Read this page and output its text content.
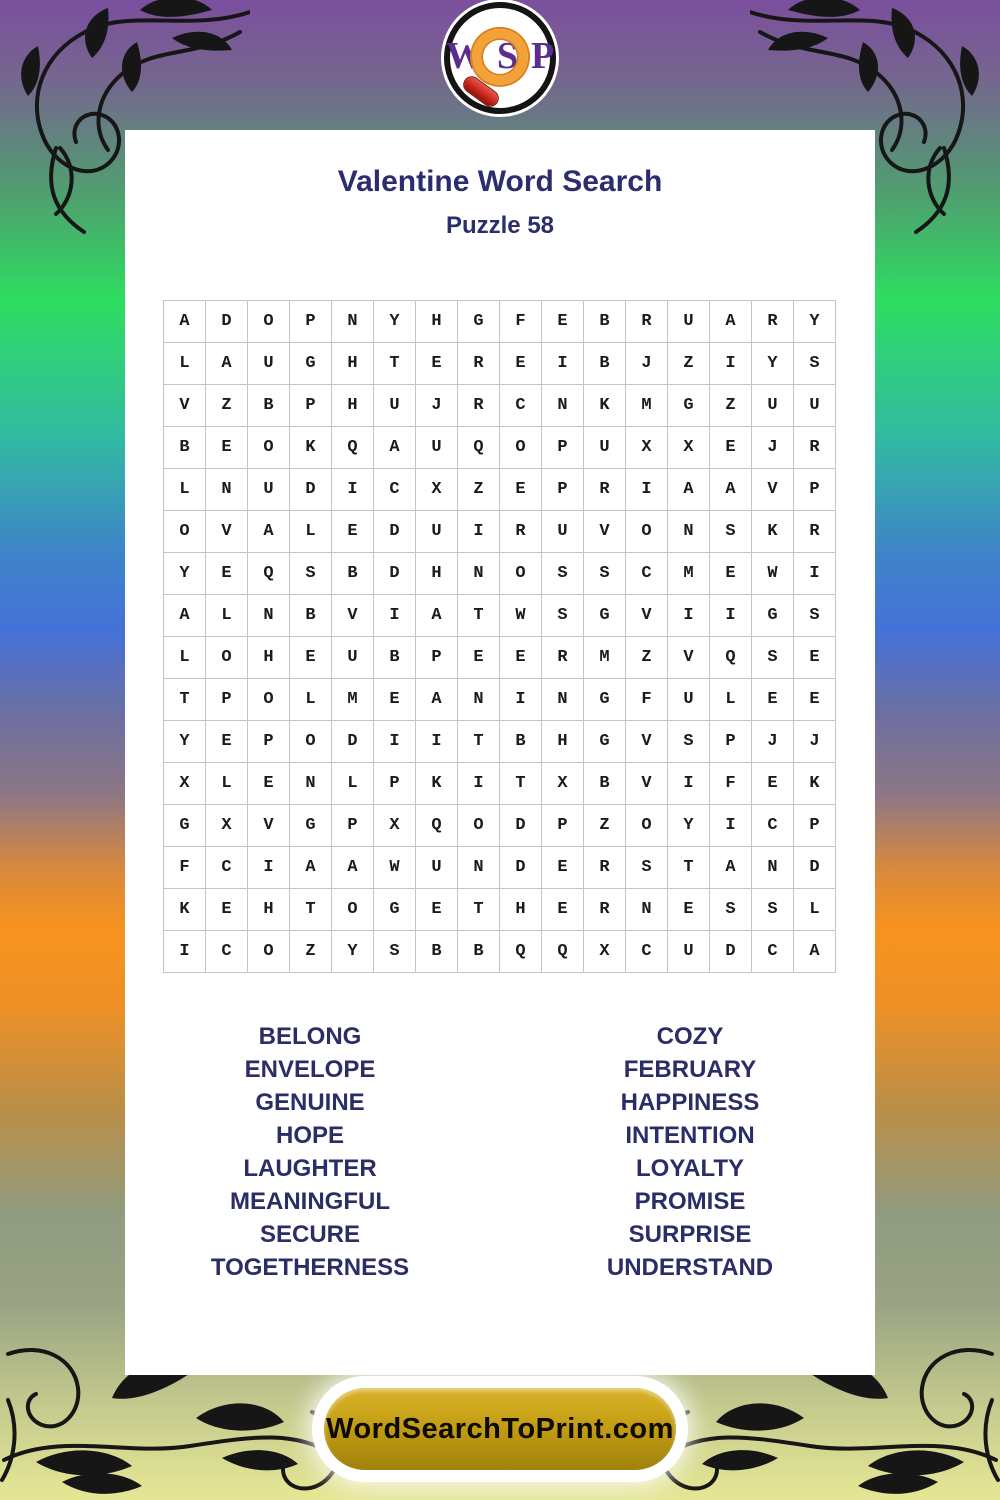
W S P
Valentine Word Search
Puzzle 58
A	D	O	P	N	Y	H	G	F	E	B	R	U	A	R	Y
L	A	U	G	H	T	E	R	E	I	B	J	Z	I	Y	S
V	Z	B	P	H	U	J	R	C	N	K	M	G	Z	U	U
B	E	O	K	Q	A	U	Q	O	P	U	X	X	E	J	R
L	N	U	D	I	C	X	Z	E	P	R	I	A	A	V	P
O	V	A	L	E	D	U	I	R	U	V	O	N	S	K	R
Y	E	Q	S	B	D	H	N	O	S	S	C	M	E	W	I
A	L	N	B	V	I	A	T	W	S	G	V	I	I	G	S
L	O	H	E	U	B	P	E	E	R	M	Z	V	Q	S	E
T	P	O	L	M	E	A	N	I	N	G	F	U	L	E	E
Y	E	P	O	D	I	I	T	B	H	G	V	S	P	J	J
X	L	E	N	L	P	K	I	T	X	B	V	I	F	E	K
G	X	V	G	P	X	Q	O	D	P	Z	O	Y	I	C	P
F	C	I	A	A	W	U	N	D	E	R	S	T	A	N	D
K	E	H	T	O	G	E	T	H	E	R	N	E	S	S	L
I	C	O	Z	Y	S	B	B	Q	Q	X	C	U	D	C	A
BELONG
ENVELOPE
GENUINE
HOPE
LAUGHTER
MEANINGFUL
SECURE
TOGETHERNESS
COZY
FEBRUARY
HAPPINESS
INTENTION
LOYALTY
PROMISE
SURPRISE
UNDERSTAND
WordSearchToPrint.com
